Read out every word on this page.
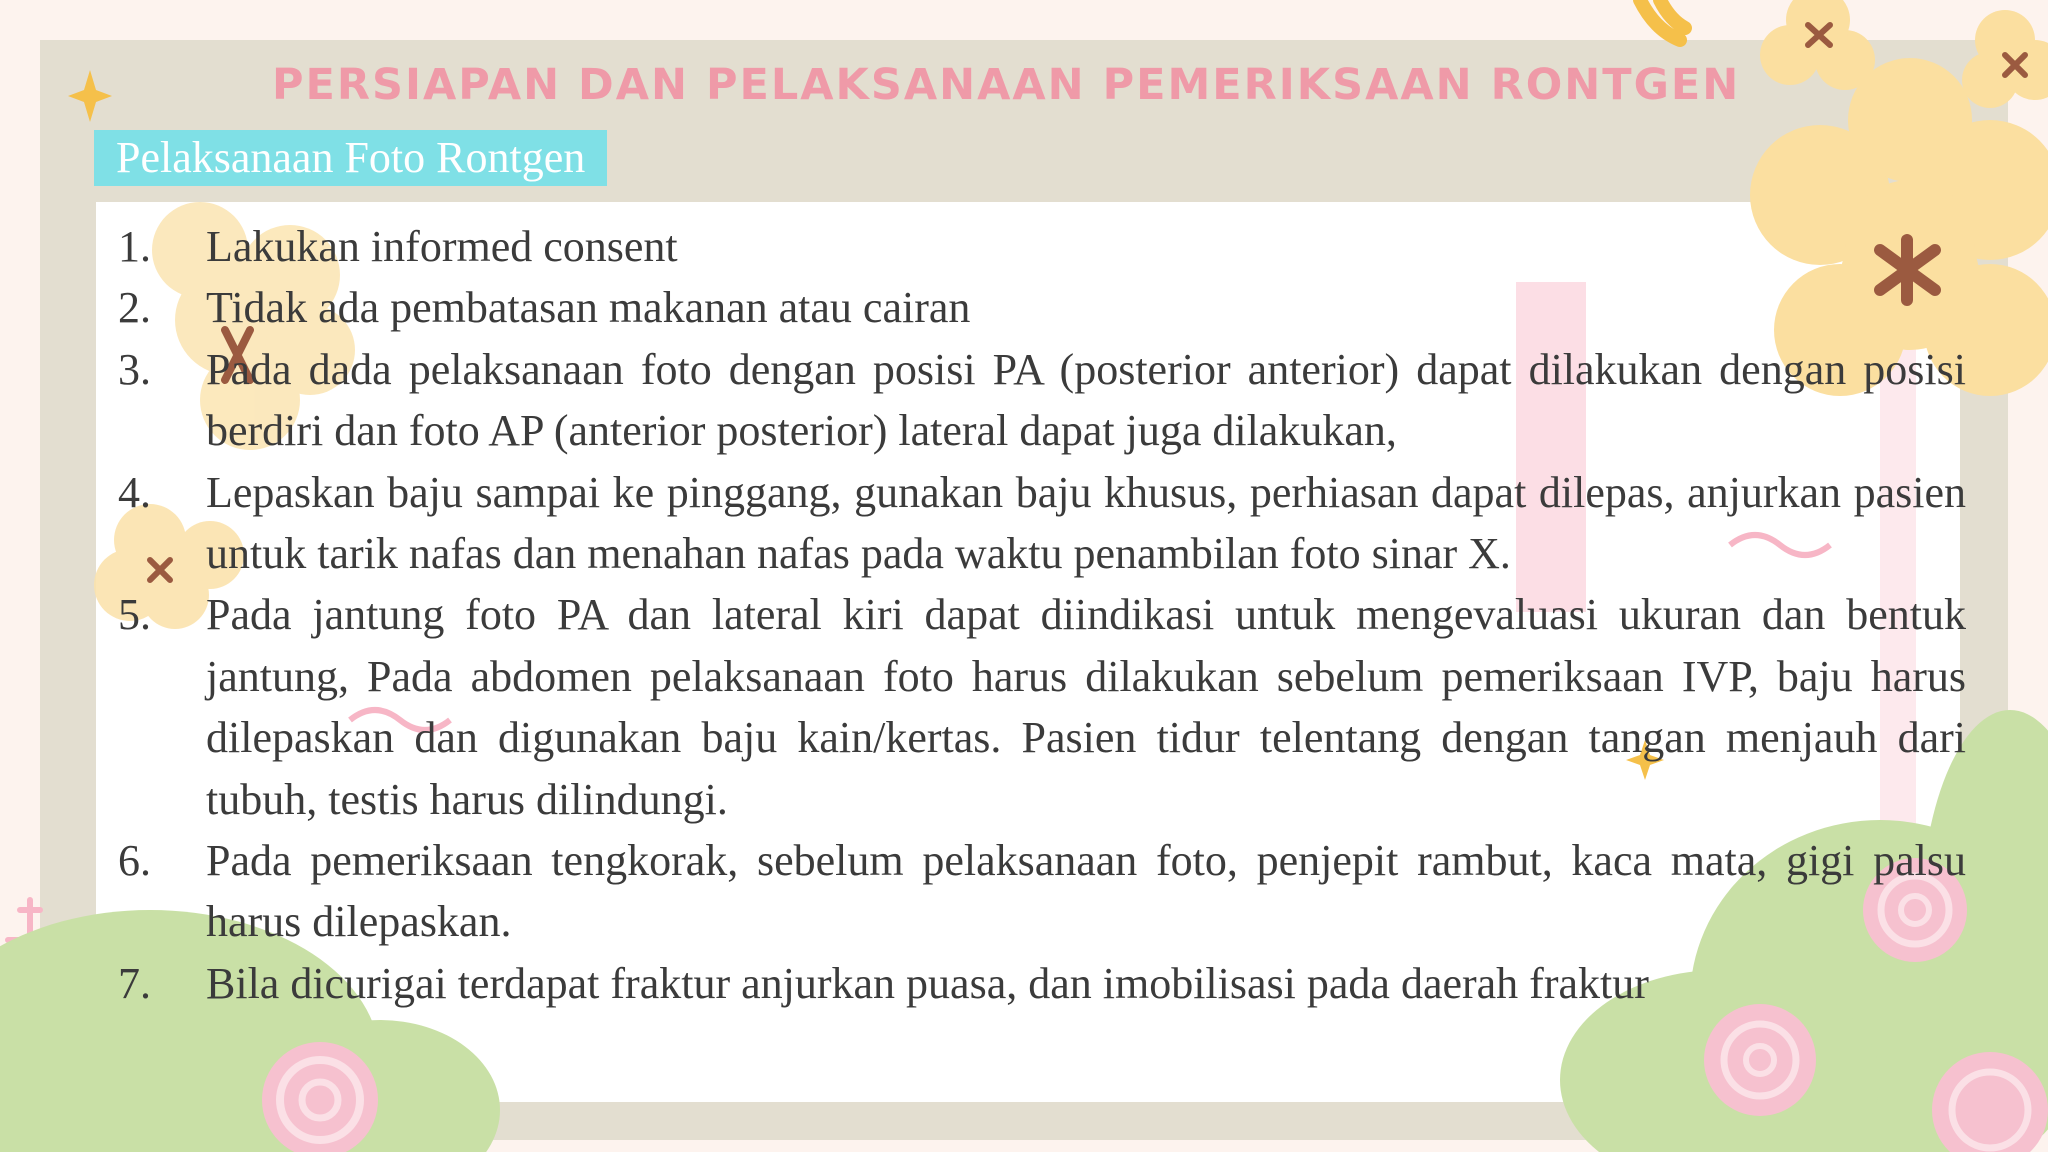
PERSIAPAN DAN PELAKSANAAN PEMERIKSAAN RONTGEN
Pelaksanaan Foto Rontgen
1. Lakukan informed consent
2. Tidak ada pembatasan makanan atau cairan
3. Pada dada pelaksanaan foto dengan posisi PA (posterior anterior) dapat dilakukan dengan posisi berdiri dan foto AP (anterior posterior) lateral dapat juga dilakukan,
4. Lepaskan baju sampai ke pinggang, gunakan baju khusus, perhiasan dapat dilepas, anjurkan pasien untuk tarik nafas dan menahan nafas pada waktu penambilan foto sinar X.
5. Pada jantung foto PA dan lateral kiri dapat diindikasi untuk mengevaluasi ukuran dan bentuk jantung, Pada abdomen pelaksanaan foto harus dilakukan sebelum pemeriksaan IVP, baju harus dilepaskan dan digunakan baju kain/kertas. Pasien tidur telentang dengan tangan menjauh dari tubuh, testis harus dilindungi.
6. Pada pemeriksaan tengkorak, sebelum pelaksanaan foto, penjepit rambut, kaca mata, gigi palsu harus dilepaskan.
7. Bila dicurigai terdapat fraktur anjurkan puasa, dan imobilisasi pada daerah fraktur
